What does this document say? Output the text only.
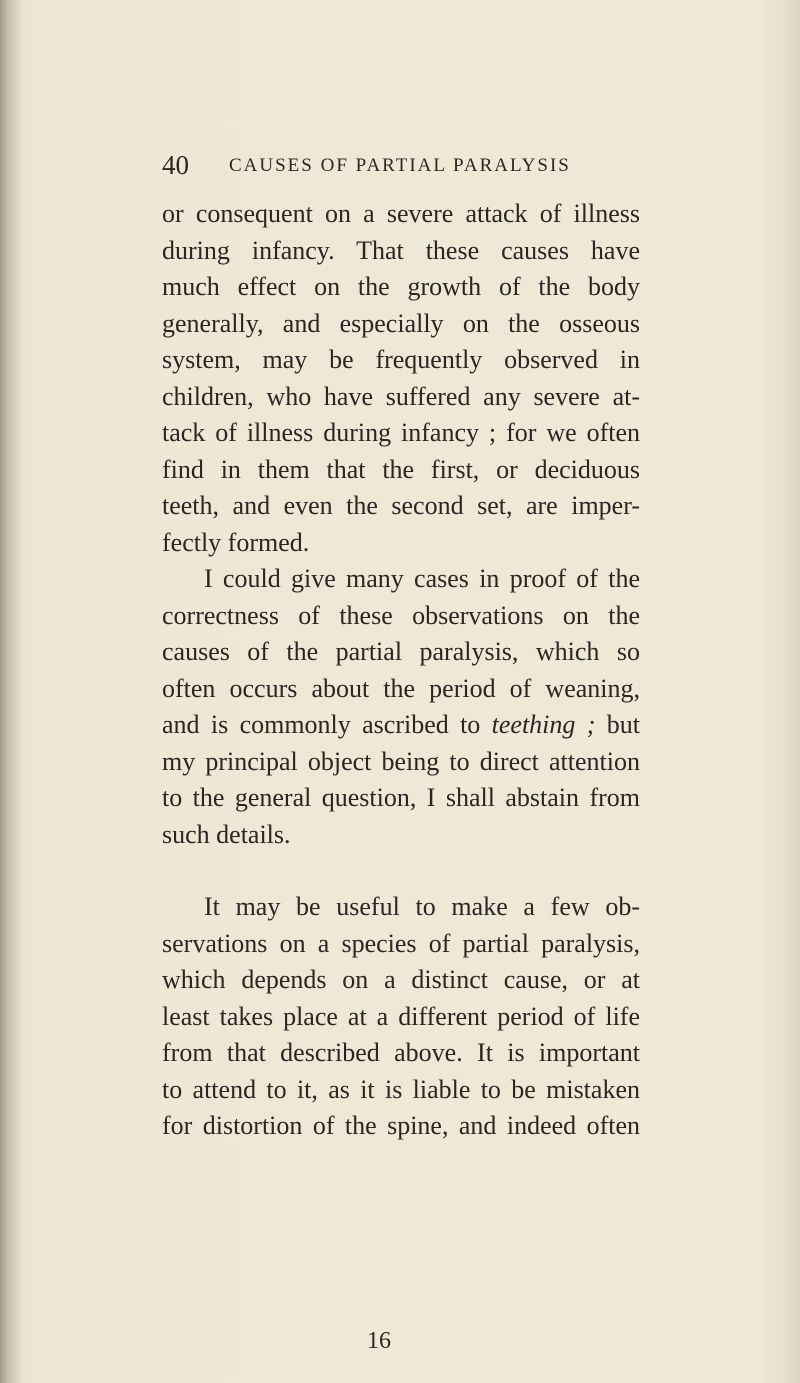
40 CAUSES OF PARTIAL PARALYSIS
or consequent on a severe attack of illness
during infancy. That these causes have
much effect on the growth of the body
generally, and especially on the osseous
system, may be frequently observed in
children, who have suffered any severe at-
tack of illness during infancy ; for we often
find in them that the first, or deciduous
teeth, and even the second set, are imper-
fectly formed.
I could give many cases in proof of the
correctness of these observations on the
causes of the partial paralysis, which so
often occurs about the period of weaning,
and is commonly ascribed to teething ; but
my principal object being to direct attention
to the general question, I shall abstain from
such details.
It may be useful to make a few ob-
servations on a species of partial paralysis,
which depends on a distinct cause, or at
least takes place at a different period of life
from that described above. It is important
to attend to it, as it is liable to be mistaken
for distortion of the spine, and indeed often
16
